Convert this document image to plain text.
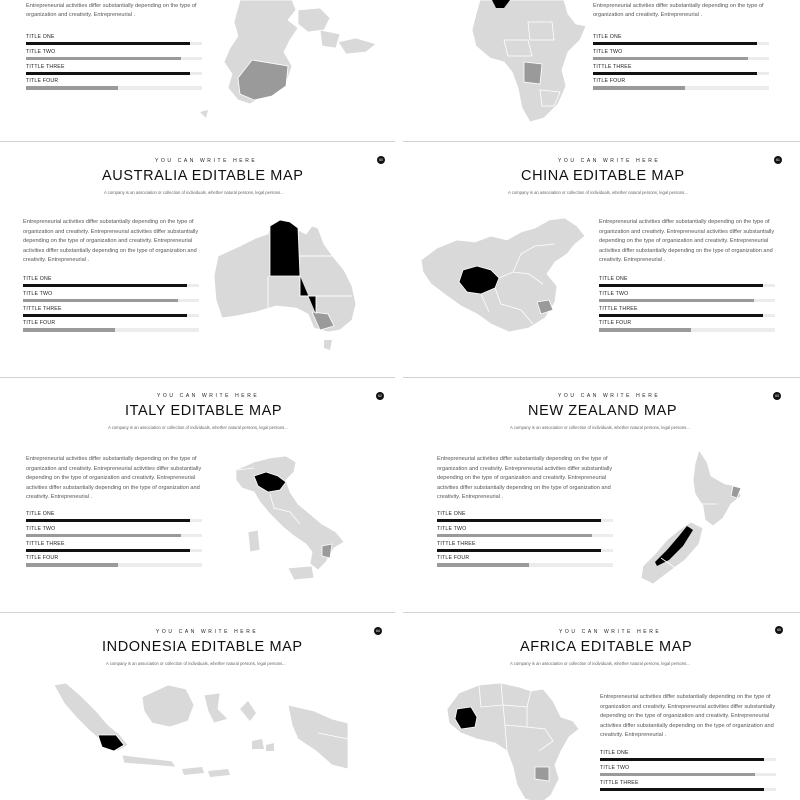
Entrepreneurial activities differ substantially depending on the type of organization and creativity. Entrepreneurial .
TITLE ONE
TITLE TWO
TITTLE THREE
TITLE FOUR
Entrepreneurial activities differ substantially depending on the type of organization and creativity. Entrepreneurial .
TITLE ONE
TITLE TWO
TITTLE THREE
TITLE FOUR
YOU CAN WRITE HERE	60
AUSTRALIA EDITABLE MAP
A company is an association or collection of individuals, whether natural persons, legal persons...
Entrepreneurial activities differ substantially depending on the type of organization and creativity. Entrepreneurial activities differ substantially depending on the type of organization and creativity. Entrepreneurial activities differ substantially depending on the type of organization and creativity. Entrepreneurial .
TITLE ONE
TITLE TWO
TITTLE THREE
TITLE FOUR
YOU CAN WRITE HERE	61
CHINA EDITABLE MAP
A company is an association or collection of individuals, whether natural persons, legal persons...
Entrepreneurial activities differ substantially depending on the type of organization and creativity. Entrepreneurial activities differ substantially depending on the type of organization and creativity. Entrepreneurial activities differ substantially depending on the type of organization and creativity. Entrepreneurial .
TITLE ONE
TITLE TWO
TITTLE THREE
TITLE FOUR
YOU CAN WRITE HERE	62
ITALY EDITABLE MAP
A company is an association or collection of individuals, whether natural persons, legal persons...
Entrepreneurial activities differ substantially depending on the type of organization and creativity. Entrepreneurial activities differ substantially depending on the type of organization and creativity. Entrepreneurial activities differ substantially depending on the type of organization and creativity. Entrepreneurial .
TITLE ONE
TITLE TWO
TITTLE THREE
TITLE FOUR
YOU CAN WRITE HERE	63
NEW ZEALAND MAP
A company is an association or collection of individuals, whether natural persons, legal persons...
Entrepreneurial activities differ substantially depending on the type of organization and creativity. Entrepreneurial activities differ substantially depending on the type of organization and creativity. Entrepreneurial activities differ substantially depending on the type of organization and creativity. Entrepreneurial .
TITLE ONE
TITLE TWO
TITTLE THREE
TITLE FOUR
YOU CAN WRITE HERE	64
INDONESIA EDITABLE MAP
A company is an association or collection of individuals, whether natural persons, legal persons...
YOU CAN WRITE HERE	65
AFRICA EDITABLE MAP
A company is an association or collection of individuals, whether natural persons, legal persons...
Entrepreneurial activities differ substantially depending on the type of organization and creativity. Entrepreneurial activities differ substantially depending on the type of organization and creativity. Entrepreneurial activities differ substantially depending on the type of organization and creativity. Entrepreneurial .
TITLE ONE
TITLE TWO
TITTLE THREE
